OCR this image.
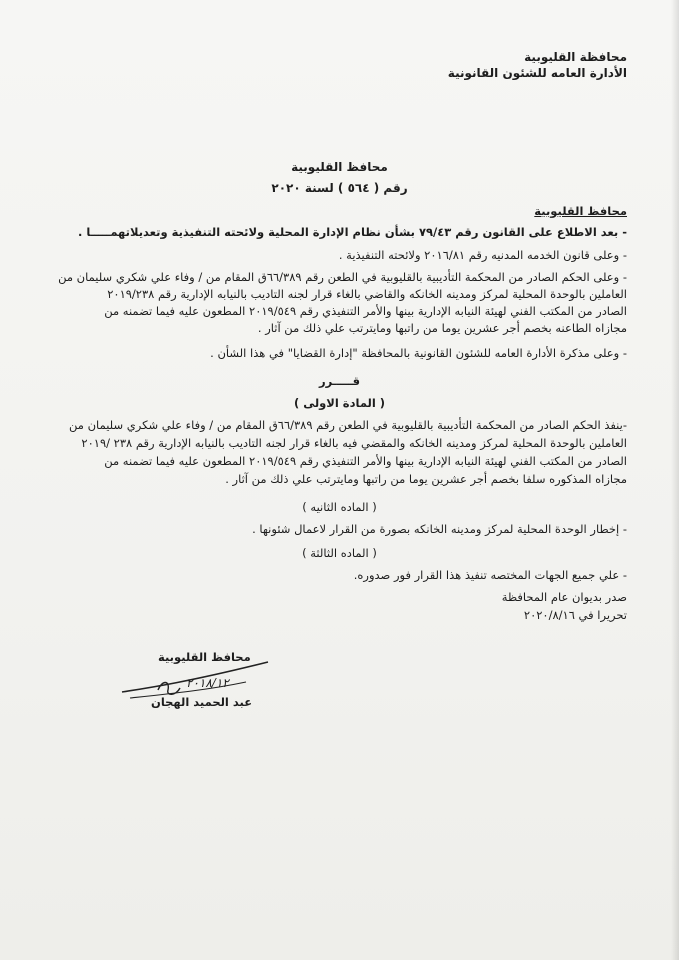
محافظة القليوبية
الأدارة العامه للشئون القانونية
محافظ القليوبية
رقم ( ٥٦٤ ) لسنة ٢٠٢٠
محافظ القليوبية
- بعد الاطلاع على القانون رقم ٧٩/٤٣ بشأن نظام الإدارة المحلية ولائحته التنفيذية وتعديلاتهمـــــا .
- وعلى قانون الخدمه المدنيه رقم ٢٠١٦/٨١ ولائحته التنفيذية .
- وعلى الحكم الصادر من المحكمة التأديبية بالقليوبية في الطعن رقم ٦٦/٣٨٩ق المقام من / وفاء علي شكري سليمان من
العاملين بالوحدة المحلية لمركز ومدينه الخانكه والقاضي بالغاء قرار لجنه التاديب بالنيابه الإدارية رقم ٢٠١٩/٢٣٨
الصادر من المكتب الفني لهيئة النيابه الإدارية بينها والأمر التنفيذي رقم ٢٠١٩/٥٤٩ المطعون عليه فيما تضمنه من
مجازاه الطاعنه بخصم أجر عشرين يوما من راتبها ومايترتب علي ذلك من آثار .
- وعلى مذكرة الأدارة العامه للشئون القانونية بالمحافظة "إدارة القضايا" في هذا الشأن .
قـــــرر
( المادة الاولى )
-ينفذ الحكم الصادر من المحكمة التأديبية بالقليوبية في الطعن رقم ٦٦/٣٨٩ق المقام من / وفاء علي شكري سليمان من
العاملين بالوحدة المحلية لمركز ومدينه الخانكه والمقضي فيه بالغاء قرار لجنه التاديب بالنيابه الإدارية رقم ٢٣٨ /٢٠١٩
الصادر من المكتب الفني لهيئة النيابه الإدارية بينها والأمر التنفيذي رقم ٢٠١٩/٥٤٩ المطعون عليه فيما تضمنه من
مجازاه المذكوره سلفا بخصم أجر عشرين يوما من راتبها ومايترتب علي ذلك من آثار .
( الماده الثانيه )
- إخطار الوحدة المحلية لمركز ومدينه الخانكه بصورة من القرار لاعمال شئونها .
( الماده الثالثة )
- علي جميع الجهات المختصه تنفيذ هذا القرار فور صدوره.
صدر بديوان عام المحافظة
تحريرا في ٢٠٢٠/٨/١٦
محافظ القليوبية
٢٠١٨/١٢
عبد الحميد الهجان
